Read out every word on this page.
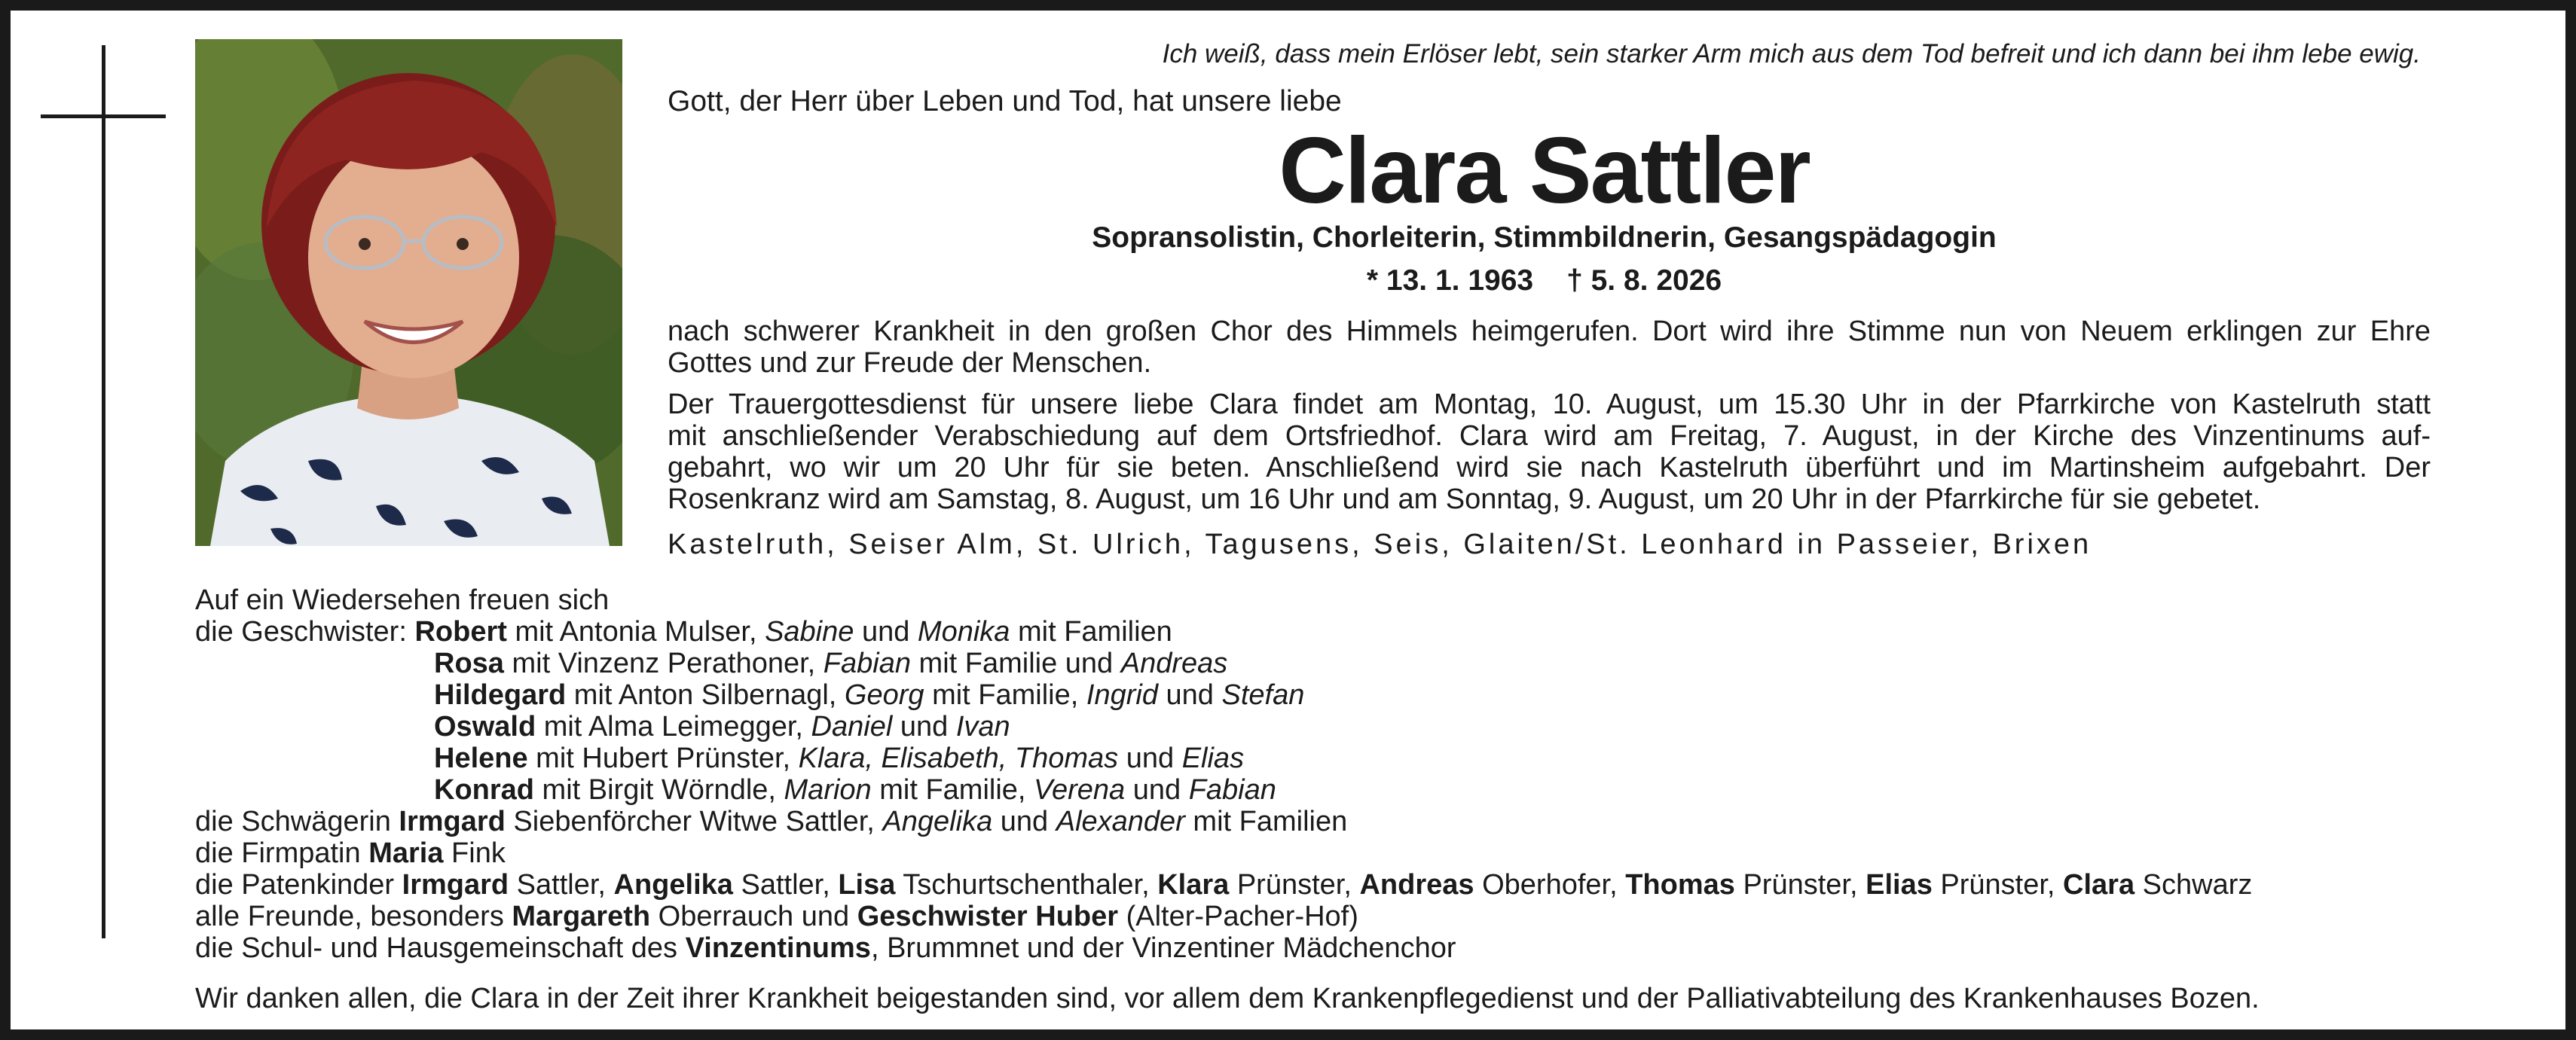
Ich weiß, dass mein Erlöser lebt, sein starker Arm mich aus dem Tod befreit und ich dann bei ihm lebe ewig.
Gott, der Herr über Leben und Tod, hat unsere liebe
Clara Sattler
Sopransolistin, Chorleiterin, Stimmbildnerin, Gesangspädagogin
* 13. 1. 1963 † 5. 8. 2026
nach schwerer Krankheit in den großen Chor des Himmels heimgerufen. Dort wird ihre Stimme nun von Neuem erklingen zur Ehre
Gottes und zur Freude der Menschen.
Der Trauergottesdienst für unsere liebe Clara findet am Montag, 10. August, um 15.30 Uhr in der Pfarrkirche von Kastelruth statt
mit anschließender Verabschiedung auf dem Ortsfriedhof. Clara wird am Freitag, 7. August, in der Kirche des Vinzentinums auf-
gebahrt, wo wir um 20 Uhr für sie beten. Anschließend wird sie nach Kastelruth überführt und im Martinsheim aufgebahrt. Der
Rosenkranz wird am Samstag, 8. August, um 16 Uhr und am Sonntag, 9. August, um 20 Uhr in der Pfarrkirche für sie gebetet.
Kastelruth, Seiser Alm, St. Ulrich, Tagusens, Seis, Glaiten/St. Leonhard in Passeier, Brixen
Auf ein Wiedersehen freuen sich
die Geschwister: Robert mit Antonia Mulser, Sabine und Monika mit Familien
Rosa mit Vinzenz Perathoner, Fabian mit Familie und Andreas
Hildegard mit Anton Silbernagl, Georg mit Familie, Ingrid und Stefan
Oswald mit Alma Leimegger, Daniel und Ivan
Helene mit Hubert Prünster, Klara, Elisabeth, Thomas und Elias
Konrad mit Birgit Wörndle, Marion mit Familie, Verena und Fabian
die Schwägerin Irmgard Siebenförcher Witwe Sattler, Angelika und Alexander mit Familien
die Firmpatin Maria Fink
die Patenkinder Irmgard Sattler, Angelika Sattler, Lisa Tschurtschenthaler, Klara Prünster, Andreas Oberhofer, Thomas Prünster, Elias Prünster, Clara Schwarz
alle Freunde, besonders Margareth Oberrauch und Geschwister Huber (Alter-Pacher-Hof)
die Schul- und Hausgemeinschaft des Vinzentinums, Brummnet und der Vinzentiner Mädchenchor
Wir danken allen, die Clara in der Zeit ihrer Krankheit beigestanden sind, vor allem dem Krankenpflegedienst und der Palliativabteilung des Krankenhauses Bozen.
